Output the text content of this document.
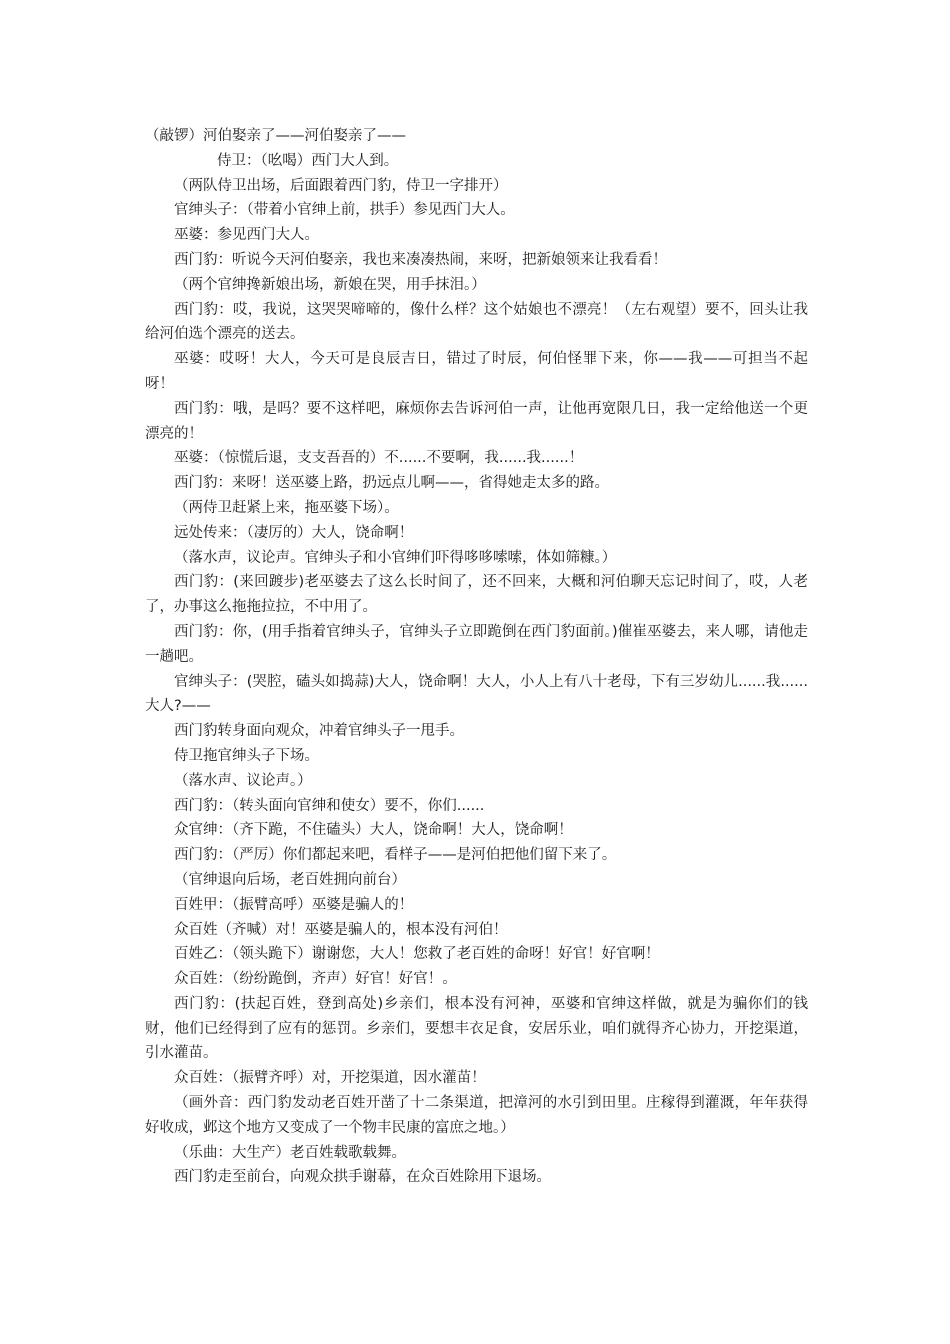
（敲锣）河伯娶亲了——河伯娶亲了——

侍卫：（吆喝）西门大人到。

（两队侍卫出场，后面跟着西门豹，侍卫一字排开）

官绅头子：（带着小官绅上前，拱手）参见西门大人。

巫婆：参见西门大人。

西门豹：听说今天河伯娶亲，我也来凑凑热闹，来呀，把新娘领来让我看看！

（两个官绅搀新娘出场，新娘在哭，用手抹泪。）

西门豹：哎，我说，这哭哭啼啼的，像什么样？这个姑娘也不漂亮！（左右观望）要不，回头让我给河伯选个漂亮的送去。

巫婆：哎呀！大人，今天可是良辰吉日，错过了时辰，何伯怪罪下来，你——我——可担当不起呀！

西门豹：哦，是吗？要不这样吧，麻烦你去告诉河伯一声，让他再宽限几日，我一定给他送一个更漂亮的！

巫婆：（惊慌后退，支支吾吾的）不......不要啊，我......我......！

西门豹：来呀！送巫婆上路，扔远点儿啊——，省得她走太多的路。

（两侍卫赶紧上来，拖巫婆下场）。

远处传来：（凄厉的）大人，饶命啊！

（落水声，议论声。官绅头子和小官绅们吓得哆哆嗦嗦，体如筛糠。）

西门豹：(来回踱步)老巫婆去了这么长时间了，还不回来，大概和河伯聊天忘记时间了，哎，人老了，办事这么拖拖拉拉，不中用了。

西门豹：你，(用手指着官绅头子，官绅头子立即跪倒在西门豹面前。)催崔巫婆去，来人哪，请他走一趟吧。

官绅头子：(哭腔，磕头如捣蒜)大人，饶命啊！大人，小人上有八十老母，下有三岁幼儿......我......大人?——

西门豹转身面向观众，冲着官绅头子一甩手。

侍卫拖官绅头子下场。

（落水声、议论声。）

西门豹：（转头面向官绅和使女）要不，你们......

众官绅：（齐下跪，不住磕头）大人，饶命啊！大人，饶命啊！

西门豹：（严厉）你们都起来吧，看样子——是河伯把他们留下来了。

（官绅退向后场，老百姓拥向前台）

百姓甲：（振臂高呼）巫婆是骗人的！

众百姓（齐喊）对！巫婆是骗人的，根本没有河伯！

百姓乙：（领头跪下）谢谢您，大人！您救了老百姓的命呀！好官！好官啊！

众百姓：（纷纷跪倒，齐声）好官！好官！。

西门豹：(扶起百姓，登到高处)乡亲们，根本没有河神，巫婆和官绅这样做，就是为骗你们的钱财，他们已经得到了应有的惩罚。乡亲们，要想丰衣足食，安居乐业，咱们就得齐心协力，开挖渠道，引水灌苗。

众百姓：（振臂齐呼）对，开挖渠道，因水灌苗！

（画外音：西门豹发动老百姓开凿了十二条渠道，把漳河的水引到田里。庄稼得到灌溉，年年获得好收成，邺这个地方又变成了一个物丰民康的富庶之地。）

（乐曲：大生产）老百姓载歌载舞。

西门豹走至前台，向观众拱手谢幕，在众百姓除用下退场。
